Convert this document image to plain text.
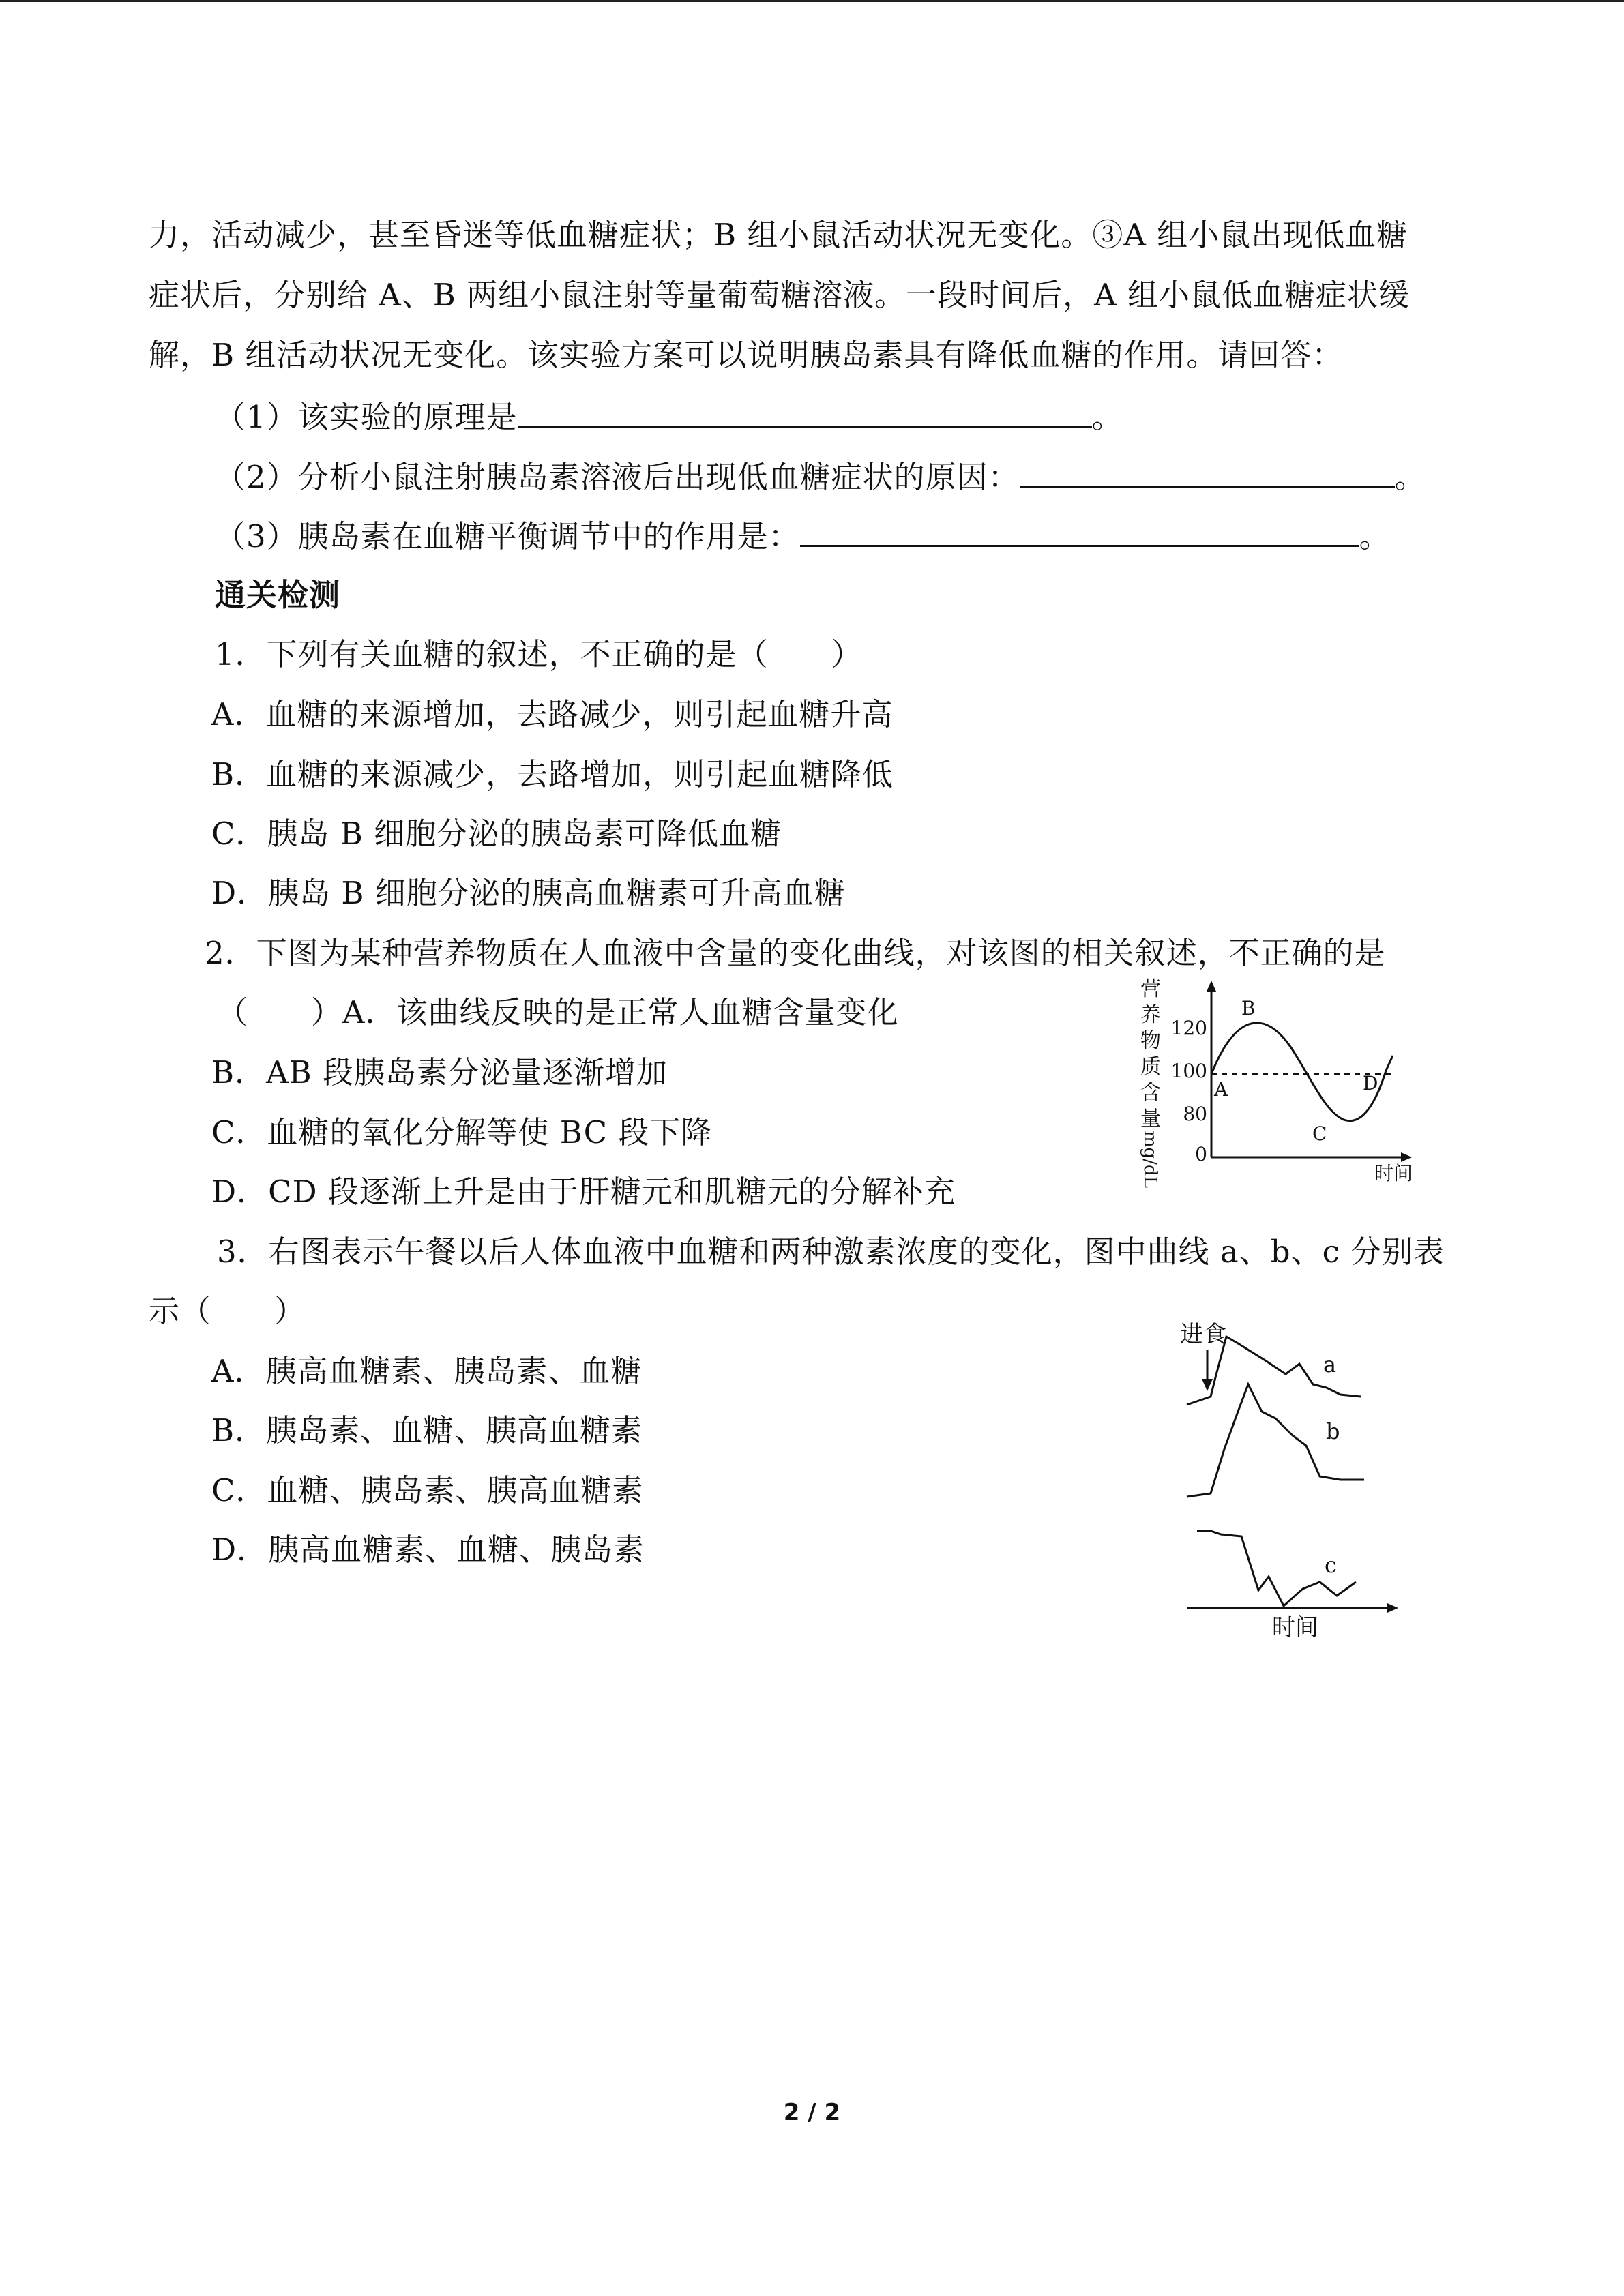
力，活动减少，甚至昏迷等低血糖症状；B 组小鼠活动状况无变化。③A 组小鼠出现低血糖
症状后，分别给 A、B 两组小鼠注射等量葡萄糖溶液。一段时间后，A 组小鼠低血糖症状缓
解，B 组活动状况无变化。该实验方案可以说明胰岛素具有降低血糖的作用。请回答：
（1）该实验的原理是	。
（2）分析小鼠注射胰岛素溶液后出现低血糖症状的原因：	。
（3）胰岛素在血糖平衡调节中的作用是：	。
通关检测
1．下列有关血糖的叙述，不正确的是（　　）
A．血糖的来源增加，去路减少，则引起血糖升高
B．血糖的来源减少，去路增加，则引起血糖降低
C．胰岛 B 细胞分泌的胰岛素可降低血糖
D．胰岛 B 细胞分泌的胰高血糖素可升高血糖
2．下图为某种营养物质在人血液中含量的变化曲线，对该图的相关叙述，不正确的是
（　　）A．该曲线反映的是正常人血糖含量变化
B．AB 段胰岛素分泌量逐渐增加
C．血糖的氧化分解等使 BC 段下降
D．CD 段逐渐上升是由于肝糖元和肌糖元的分解补充
营
养
物
质
含
量
mg/dL
120
100
80
0
A
B
C
D
时间
3．右图表示午餐以后人体血液中血糖和两种激素浓度的变化，图中曲线 a、b、c 分别表
示（　　）
A．胰高血糖素、胰岛素、血糖
B．胰岛素、血糖、胰高血糖素
C．血糖、胰岛素、胰高血糖素
D．胰高血糖素、血糖、胰岛素
进食
a
b
c
时间
2 / 2
